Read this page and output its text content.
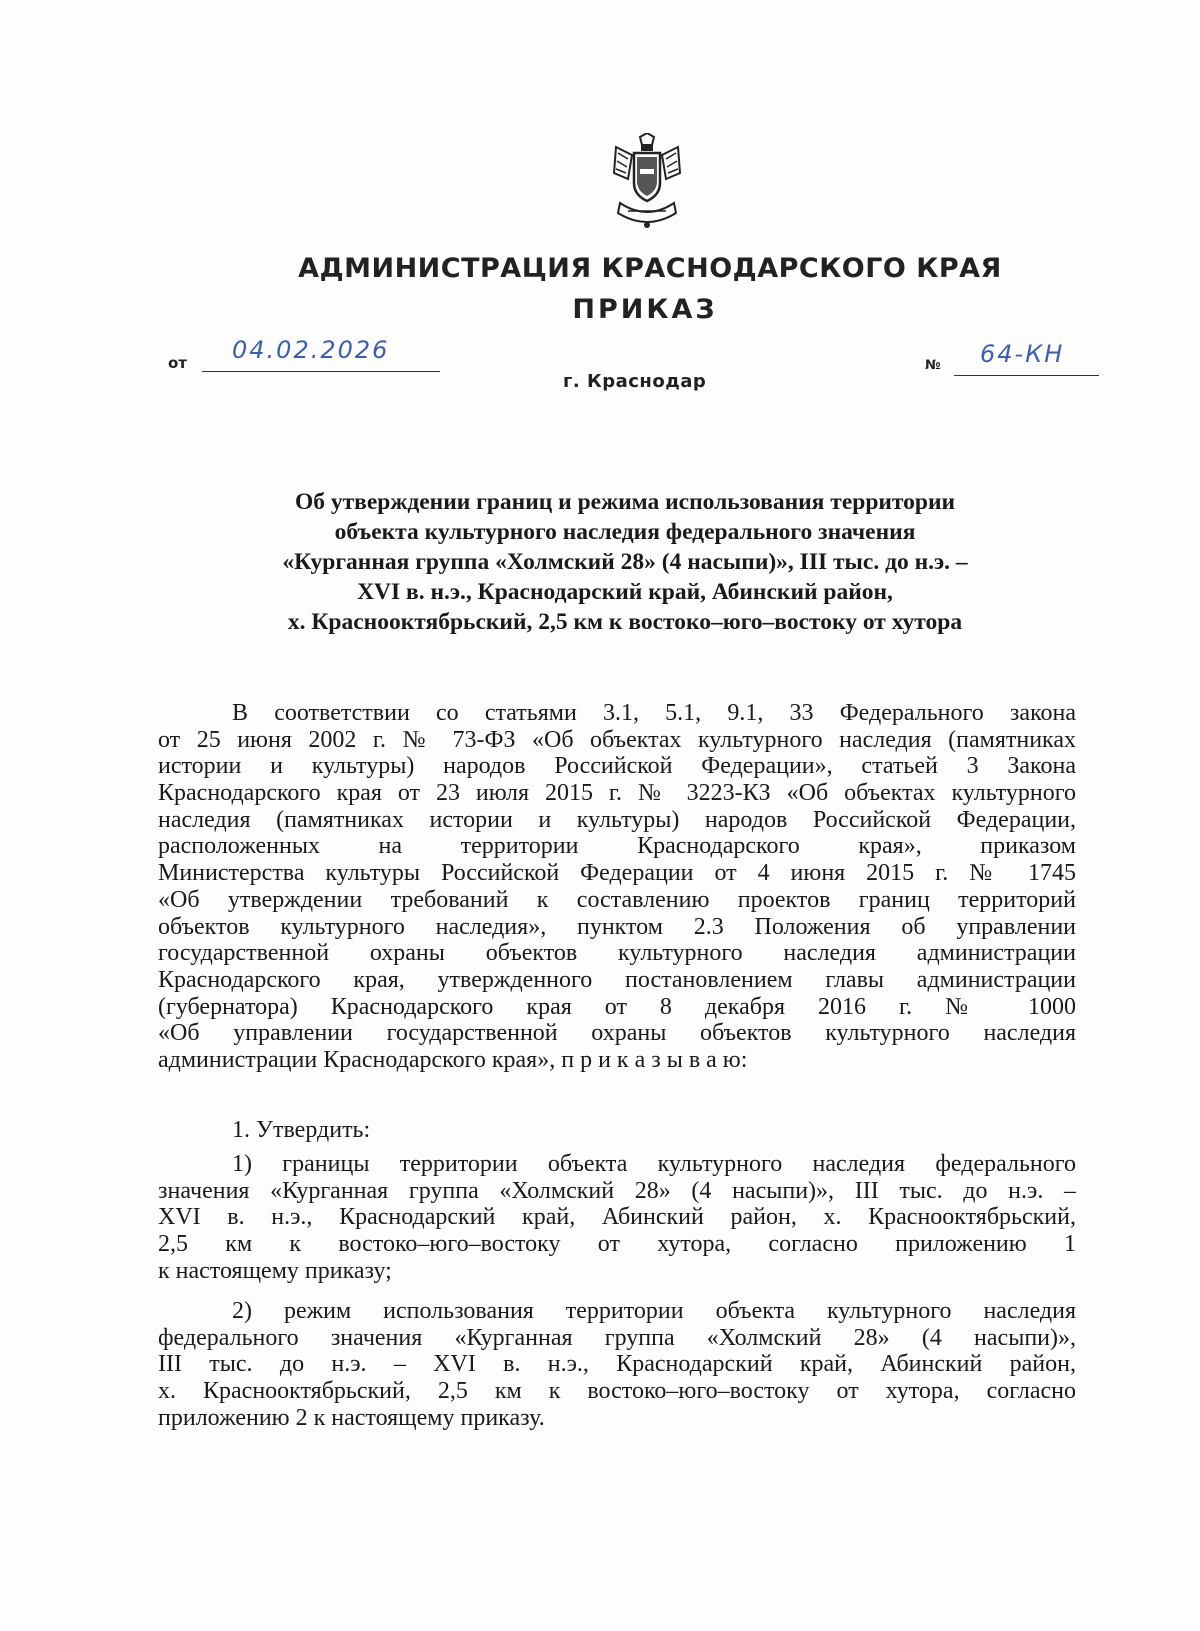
АДМИНИСТРАЦИЯ КРАСНОДАРСКОГО КРАЯ
ПРИКАЗ
от 04.02.2026
№ 64-КН
г. Краснодар
Об утверждении границ и режима использования территории
объекта культурного наследия федерального значения
«Курганная группа «Холмский 28» (4 насыпи)», III тыс. до н.э. –
XVI в. н.э., Краснодарский край, Абинский район,
х. Краснооктябрьский, 2,5 км к востоко–юго–востоку от хутора
В соответствии со статьями 3.1, 5.1, 9.1, 33 Федерального закона
от 25 июня 2002 г. № 73-ФЗ «Об объектах культурного наследия (памятниках
истории и культуры) народов Российской Федерации», статьей 3 Закона
Краснодарского края от 23 июля 2015 г. № 3223-КЗ «Об объектах культурного
наследия (памятниках истории и культуры) народов Российской Федерации,
расположенных на территории Краснодарского края», приказом
Министерства культуры Российской Федерации от 4 июня 2015 г. № 1745
«Об утверждении требований к составлению проектов границ территорий
объектов культурного наследия», пунктом 2.3 Положения об управлении
государственной охраны объектов культурного наследия администрации
Краснодарского края, утвержденного постановлением главы администрации
(губернатора) Краснодарского края от 8 декабря 2016 г. № 1000
«Об управлении государственной охраны объектов культурного наследия
администрации Краснодарского края», п р и к а з ы в а ю:
1. Утвердить:
1) границы территории объекта культурного наследия федерального
значения «Курганная группа «Холмский 28» (4 насыпи)», III тыс. до н.э. –
XVI в. н.э., Краснодарский край, Абинский район, х. Краснооктябрьский,
2,5 км к востоко–юго–востоку от хутора, согласно приложению 1
к настоящему приказу;
2) режим использования территории объекта культурного наследия
федерального значения «Курганная группа «Холмский 28» (4 насыпи)»,
III тыс. до н.э. – XVI в. н.э., Краснодарский край, Абинский район,
х. Краснооктябрьский, 2,5 км к востоко–юго–востоку от хутора, согласно
приложению 2 к настоящему приказу.
